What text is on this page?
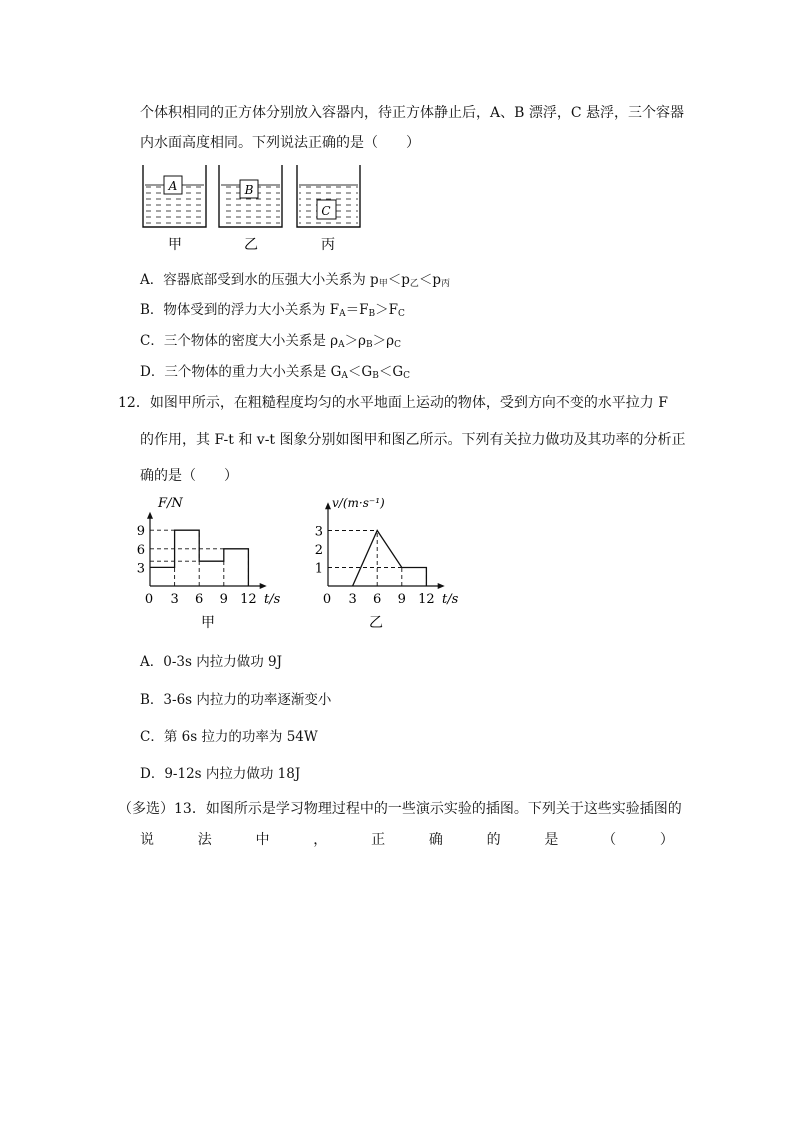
个体积相同的正方体分别放入容器内，待正方体静止后，A、B 漂浮，C 悬浮，三个容器
内水面高度相同。下列说法正确的是（　　）
A
甲
B
乙
C
丙
A．容器底部受到水的压强大小关系为 $p_甲<p_乙<p_丙$
B．物体受到的浮力大小关系为 $F_A=F_B>F_C$
C．三个物体的密度大小关系是 $\rho_A>\rho_B>\rho_C$
D．三个物体的重力大小关系是 $G_A<G_B<G_C$
12．如图甲所示，在粗糙程度均匀的水平地面上运动的物体，受到方向不变的水平拉力 F
的作用，其 F-t 和 v-t 图象分别如图甲和图乙所示。下列有关拉力做功及其功率的分析正
确的是（　　）
F/N
t/s
甲
0 3 6 9 12
3
6
9
v/(m·s⁻¹)
t/s
乙
0 3 6 9 12
1
2
3
A．0-3s 内拉力做功 9J
B．3-6s 内拉力的功率逐渐变小
C．第 6s 拉力的功率为 54W
D．9-12s 内拉力做功 18J
（多选）13．如图所示是学习物理过程中的一些演示实验的插图。下列关于这些实验插图的
说	法	中	，	正	确	的	是	（	）
